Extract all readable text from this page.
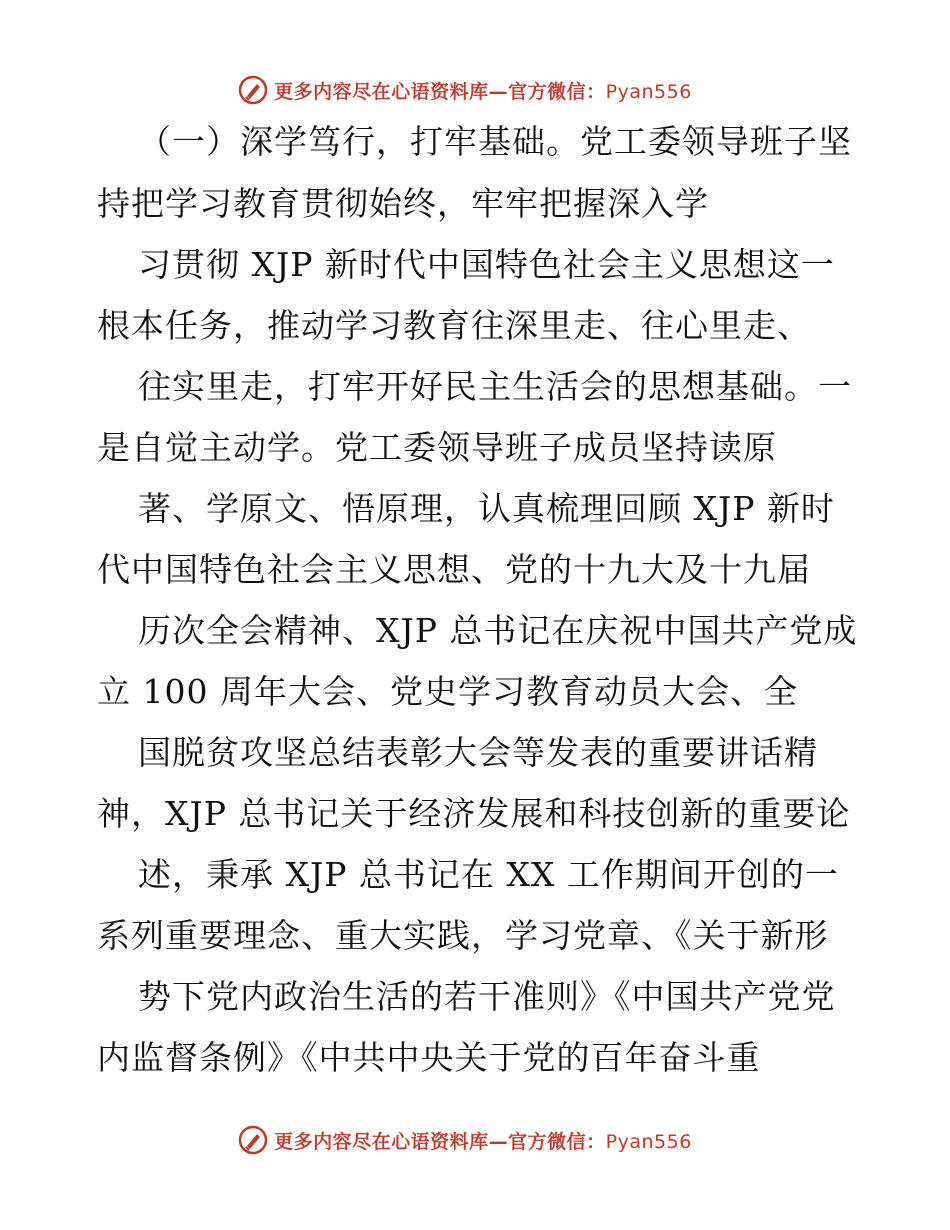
更多内容尽在心语资料库—官方微信：Pyan556
（一）深学笃行，打牢基础。党工委领导班子坚
持把学习教育贯彻始终，牢牢把握深入学
习贯彻 XJP 新时代中国特色社会主义思想这一
根本任务，推动学习教育往深里走、往心里走、
往实里走，打牢开好民主生活会的思想基础。一
是自觉主动学。党工委领导班子成员坚持读原
著、学原文、悟原理，认真梳理回顾 XJP 新时
代中国特色社会主义思想、党的十九大及十九届
历次全会精神、XJP 总书记在庆祝中国共产党成
立 100 周年大会、党史学习教育动员大会、全
国脱贫攻坚总结表彰大会等发表的重要讲话精
神，XJP 总书记关于经济发展和科技创新的重要论
述，秉承 XJP 总书记在 XX 工作期间开创的一
系列重要理念、重大实践，学习党章、《关于新形
势下党内政治生活的若干准则》《中国共产党党
内监督条例》《中共中央关于党的百年奋斗重
更多内容尽在心语资料库—官方微信：Pyan556
